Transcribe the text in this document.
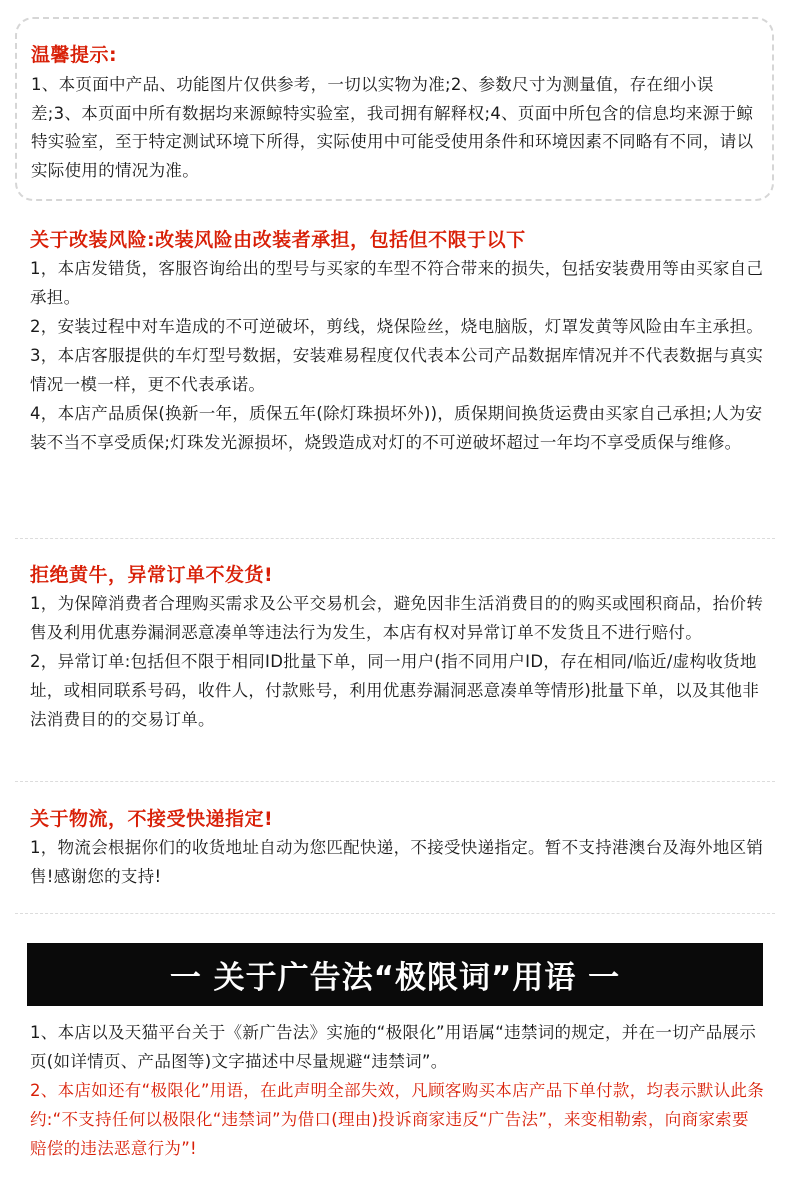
温馨提示:

1、本页面中产品、功能图片仅供参考，一切以实物为准;2、参数尺寸为测量值，存在细小误差;3、本页面中所有数据均来源鲸特实验室，我司拥有解释权;4、页面中所包含的信息均来源于鲸特实验室，至于特定测试环境下所得，实际使用中可能受使用条件和环境因素不同略有不同，请以实际使用的情况为准。

关于改装风险:改装风险由改装者承担，包括但不限于以下

1，本店发错货，客服咨询给出的型号与买家的车型不符合带来的损失，包括安装费用等由买家自己承担。

2，安装过程中对车造成的不可逆破坏，剪线，烧保险丝，烧电脑版，灯罩发黄等风险由车主承担。

3，本店客服提供的车灯型号数据，安装难易程度仅代表本公司产品数据库情况并不代表数据与真实情况一模一样，更不代表承诺。

4，本店产品质保(换新一年，质保五年(除灯珠损坏外))，质保期间换货运费由买家自己承担;人为安装不当不享受质保;灯珠发光源损坏，烧毁造成对灯的不可逆破坏超过一年均不享受质保与维修。

拒绝黄牛，异常订单不发货!

1，为保障消费者合理购买需求及公平交易机会，避免因非生活消费目的的购买或囤积商品，抬价转售及利用优惠券漏洞恶意凑单等违法行为发生，本店有权对异常订单不发货且不进行赔付。

2，异常订单:包括但不限于相同ID批量下单，同一用户(指不同用户ID，存在相同/临近/虚构收货地址，或相同联系号码，收件人，付款账号，利用优惠券漏洞恶意凑单等情形)批量下单，以及其他非法消费目的的交易订单。

关于物流，不接受快递指定!

1，物流会根据你们的收货地址自动为您匹配快递，不接受快递指定。暂不支持港澳台及海外地区销售!感谢您的支持!

一 关于广告法“极限词”用语 一

1、本店以及天猫平台关于《新广告法》实施的“极限化”用语属“违禁词的规定，并在一切产品展示页(如详情页、产品图等)文字描述中尽量规避“违禁词”。

2、本店如还有“极限化”用语，在此声明全部失效，凡顾客购买本店产品下单付款，均表示默认此条约:“不支持任何以极限化“违禁词”为借口(理由)投诉商家违反“广告法”，来变相勒索，向商家索要赔偿的违法恶意行为”!
